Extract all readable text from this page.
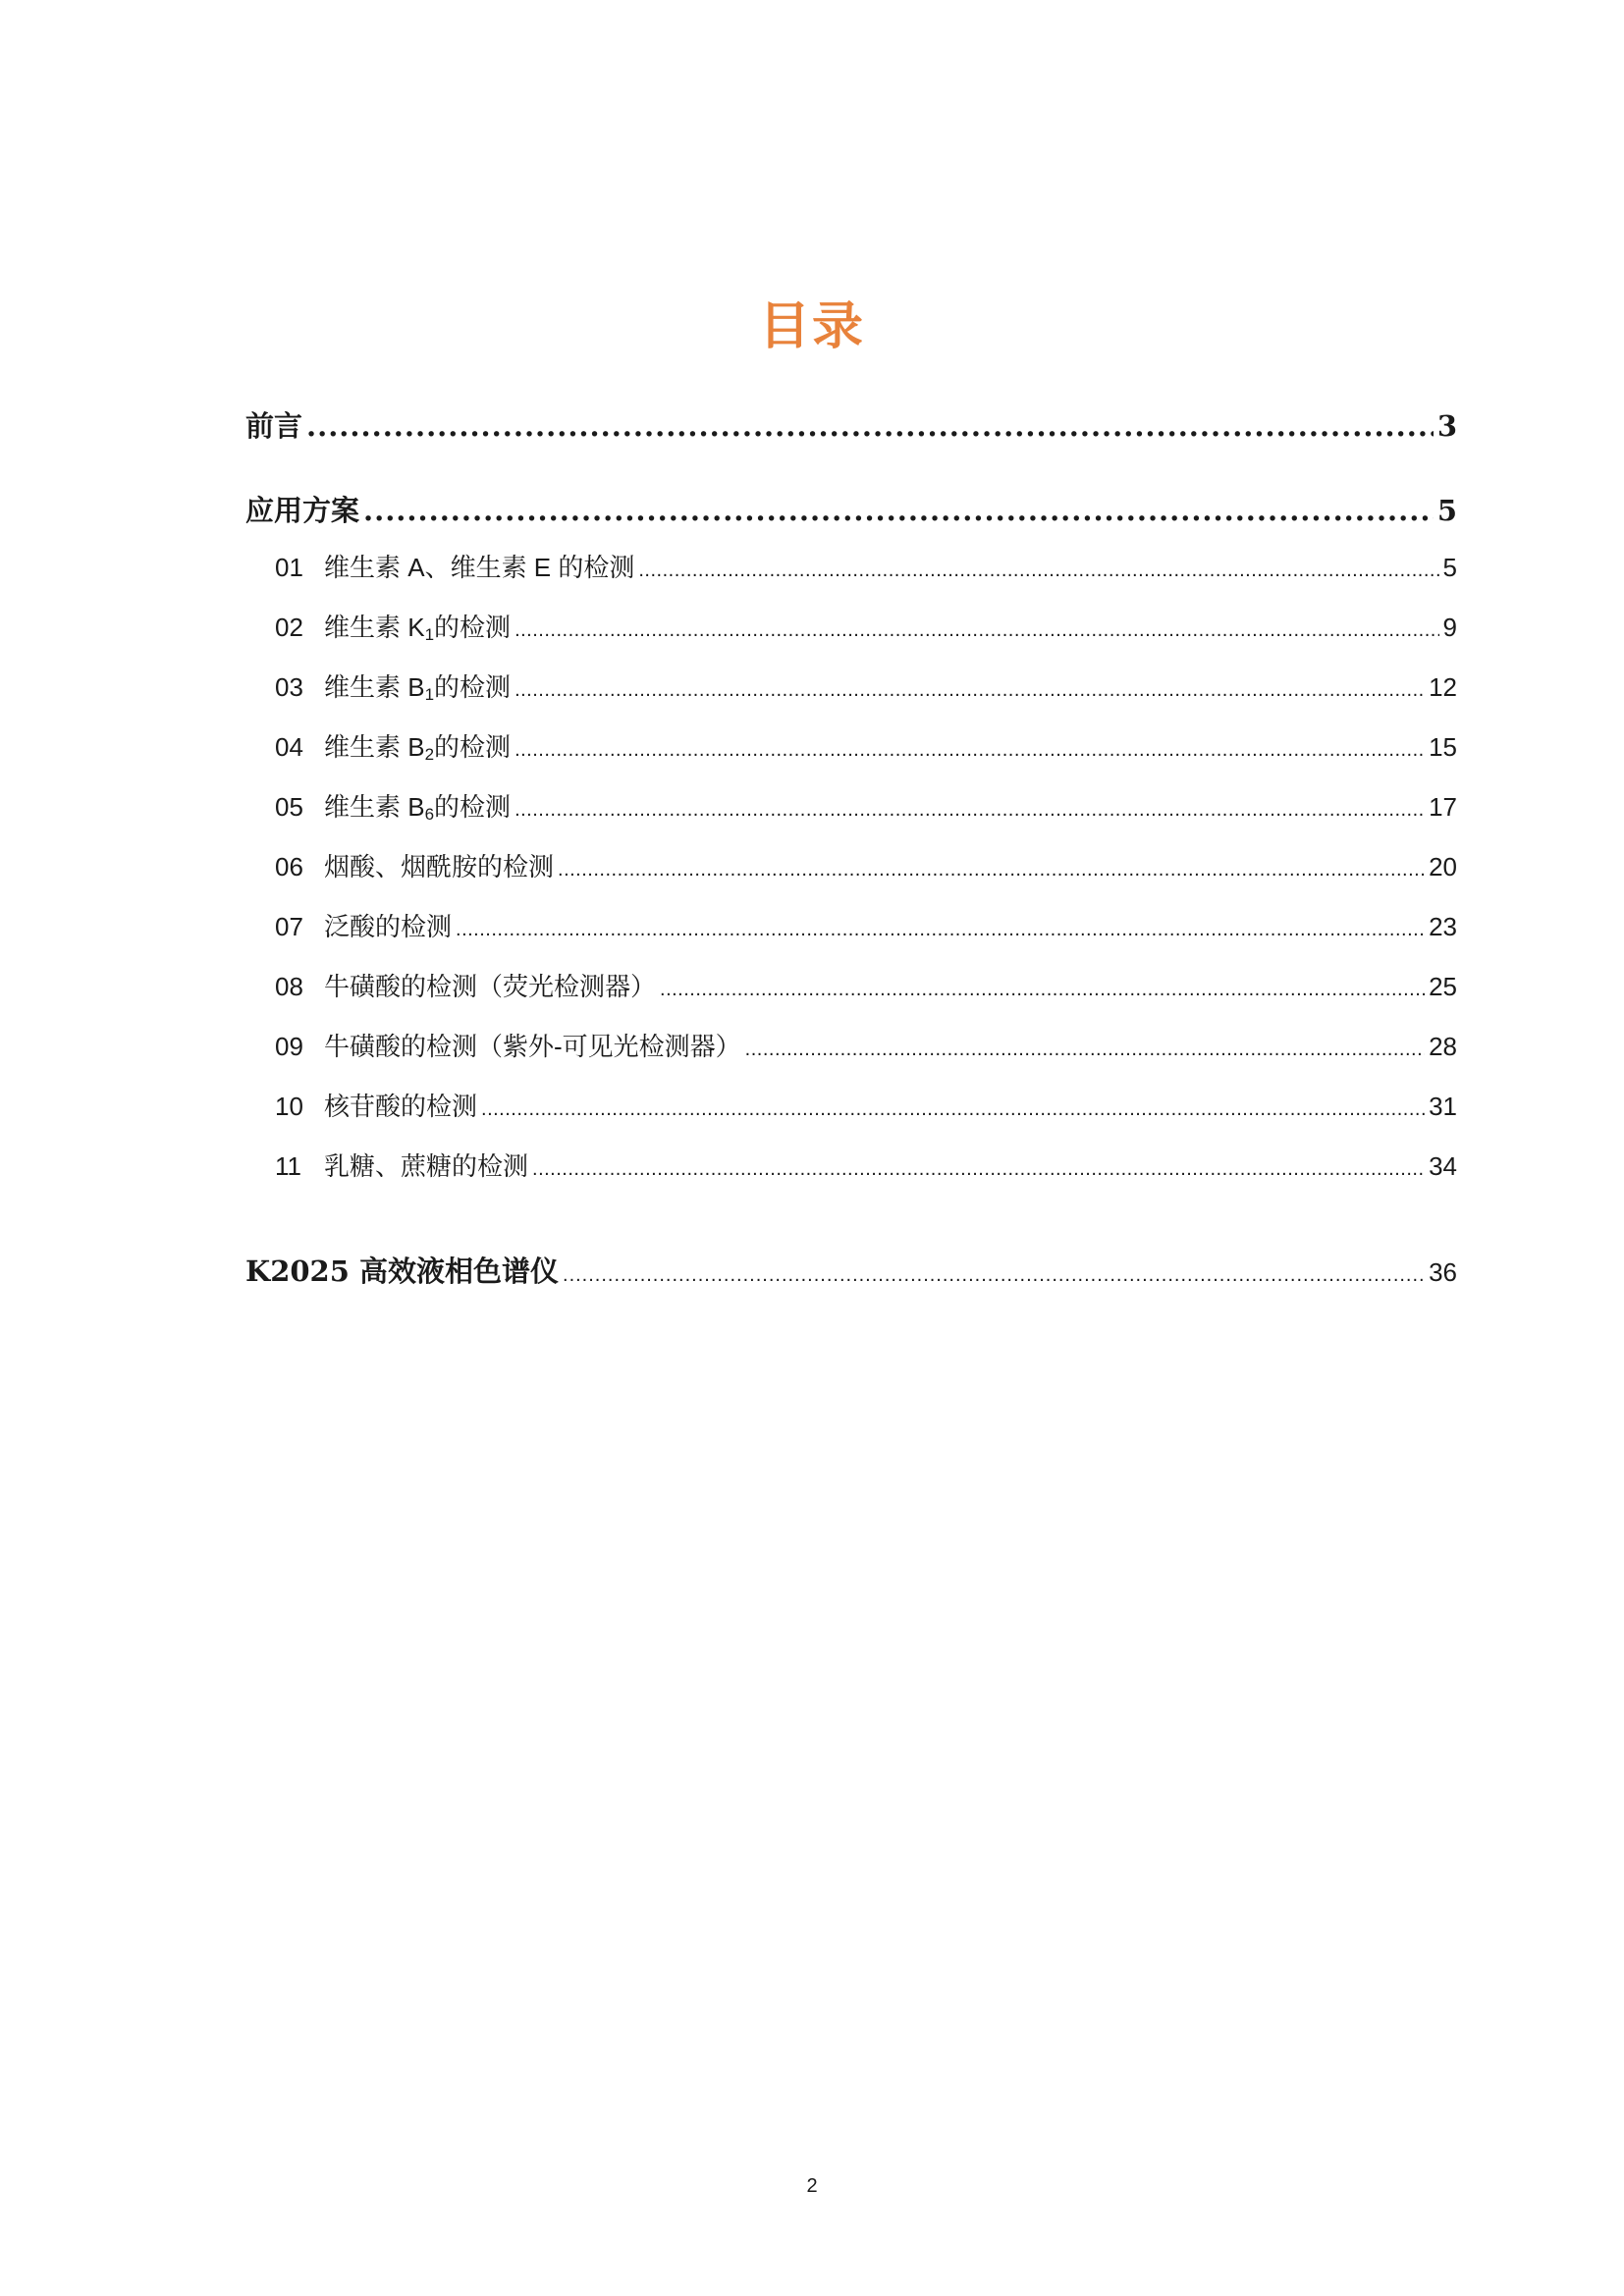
目录
前言 .....	3
应用方案 .....	5
01 维生素 A、维生素 E 的检测 .....	5
02 维生素 $K_1$的检测 .....	9
03 维生素 $B_1$的检测 .....	12
04 维生素 $B_2$的检测 .....	15
05 维生素 $B_6$的检测 .....	17
06 烟酸、烟酰胺的检测 .....	20
07 泛酸的检测 .....	23
08 牛磺酸的检测（荧光检测器） .....	25
09 牛磺酸的检测（紫外-可见光检测器） .....	28
10 核苷酸的检测 .....	31
11 乳糖、蔗糖的检测 .....	34
K2025 高效液相色谱仪 .....	36
2
